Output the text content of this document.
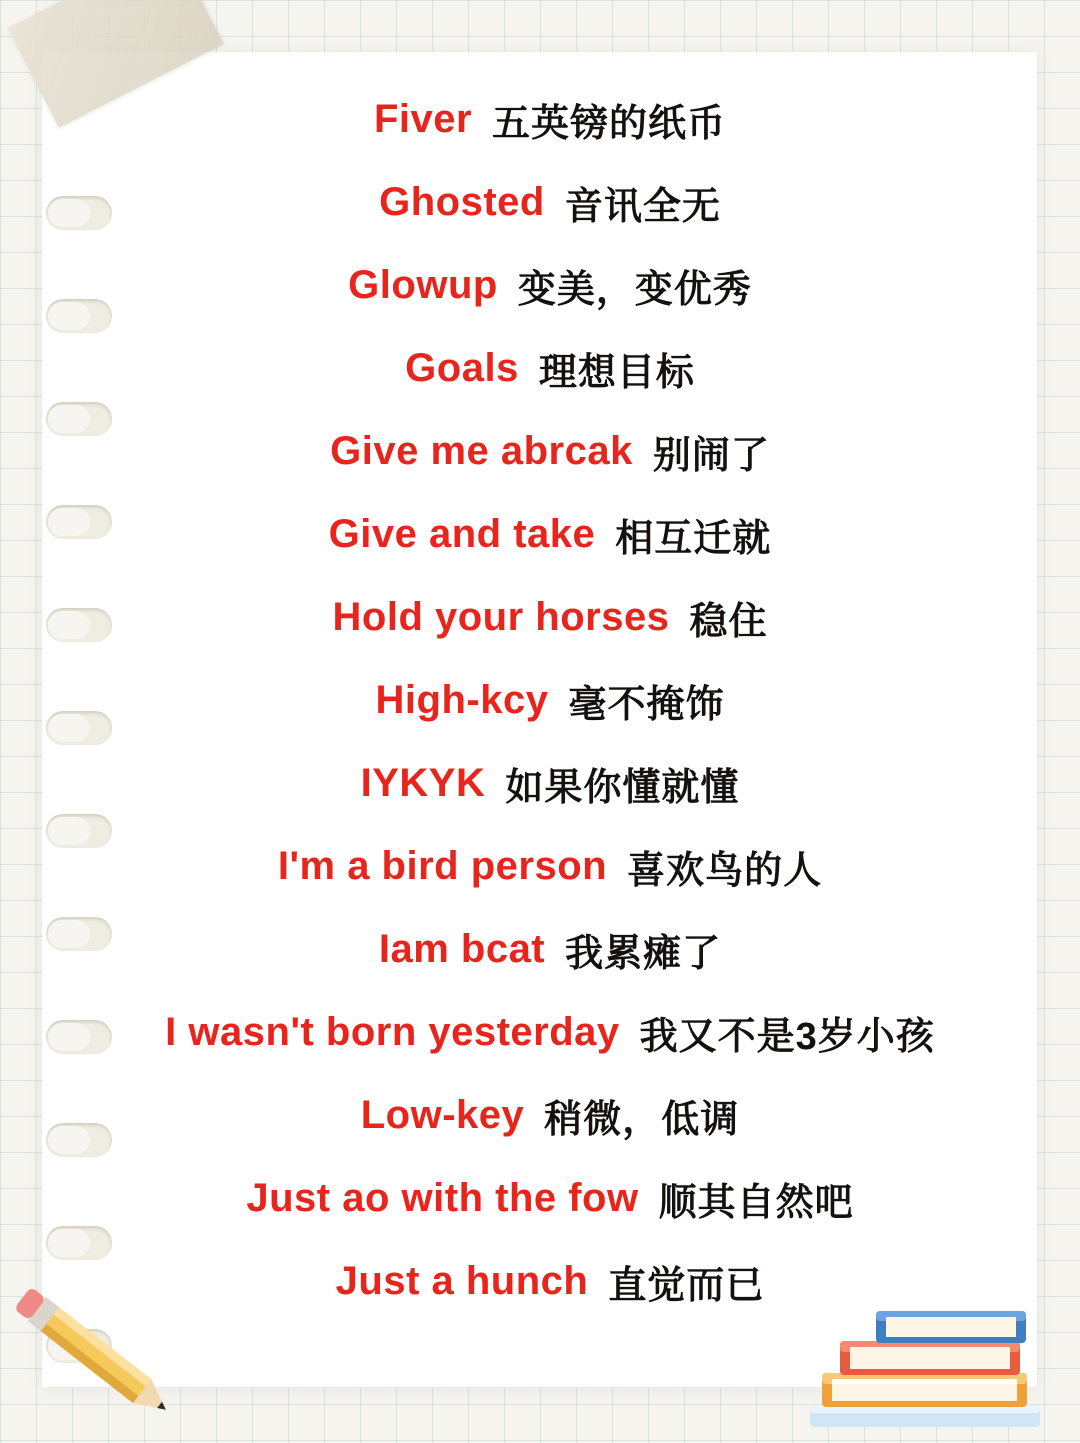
Fiver 五英镑的纸币
Ghosted 音讯全无
Glowup 变美，变优秀
Goals 理想目标
Give me abrcak 别闹了
Give and take 相互迁就
Hold your horses 稳住
High-kcy 毫不掩饰
IYKYK 如果你懂就懂
I'm a bird person 喜欢鸟的人
Iam bcat 我累瘫了
I wasn't born yesterday 我又不是3岁小孩
Low-key 稍微，低调
Just ao with the fow 顺其自然吧
Just a hunch 直觉而已
